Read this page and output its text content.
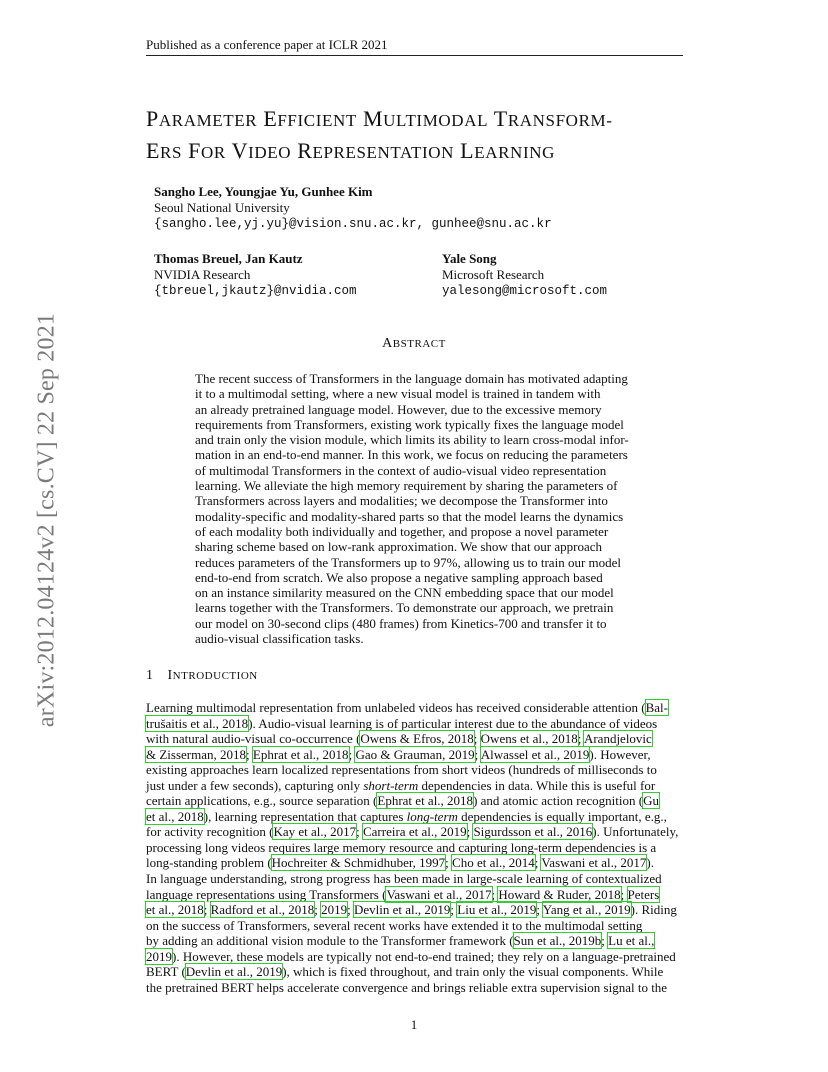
Published as a conference paper at ICLR 2021
arXiv:2012.04124v2 [cs.CV] 22 Sep 2021
PARAMETER EFFICIENT MULTIMODAL TRANSFORM-
ERS FOR VIDEO REPRESENTATION LEARNING
Sangho Lee, Youngjae Yu, Gunhee Kim
Seoul National University
{sangho.lee,yj.yu}@vision.snu.ac.kr, gunhee@snu.ac.kr
Thomas Breuel, Jan Kautz
NVIDIA Research
{tbreuel,jkautz}@nvidia.com
Yale Song
Microsoft Research
yalesong@microsoft.com
ABSTRACT
The recent success of Transformers in the language domain has motivated adapting
it to a multimodal setting, where a new visual model is trained in tandem with
an already pretrained language model. However, due to the excessive memory
requirements from Transformers, existing work typically fixes the language model
and train only the vision module, which limits its ability to learn cross-modal infor-
mation in an end-to-end manner. In this work, we focus on reducing the parameters
of multimodal Transformers in the context of audio-visual video representation
learning. We alleviate the high memory requirement by sharing the parameters of
Transformers across layers and modalities; we decompose the Transformer into
modality-specific and modality-shared parts so that the model learns the dynamics
of each modality both individually and together, and propose a novel parameter
sharing scheme based on low-rank approximation. We show that our approach
reduces parameters of the Transformers up to 97%, allowing us to train our model
end-to-end from scratch. We also propose a negative sampling approach based
on an instance similarity measured on the CNN embedding space that our model
learns together with the Transformers. To demonstrate our approach, we pretrain
our model on 30-second clips (480 frames) from Kinetics-700 and transfer it to
audio-visual classification tasks.
1 INTRODUCTION
Learning multimodal representation from unlabeled videos has received considerable attention (Bal-
trušaitis et al., 2018). Audio-visual learning is of particular interest due to the abundance of videos
with natural audio-visual co-occurrence (Owens & Efros, 2018; Owens et al., 2018; Arandjelovic
& Zisserman, 2018; Ephrat et al., 2018; Gao & Grauman, 2019; Alwassel et al., 2019). However,
existing approaches learn localized representations from short videos (hundreds of milliseconds to
just under a few seconds), capturing only short-term dependencies in data. While this is useful for
certain applications, e.g., source separation (Ephrat et al., 2018) and atomic action recognition (Gu
et al., 2018), learning representation that captures long-term dependencies is equally important, e.g.,
for activity recognition (Kay et al., 2017; Carreira et al., 2019; Sigurdsson et al., 2016). Unfortunately,
processing long videos requires large memory resource and capturing long-term dependencies is a
long-standing problem (Hochreiter & Schmidhuber, 1997; Cho et al., 2014; Vaswani et al., 2017).
In language understanding, strong progress has been made in large-scale learning of contextualized
language representations using Transformers (Vaswani et al., 2017; Howard & Ruder, 2018; Peters
et al., 2018; Radford et al., 2018; 2019; Devlin et al., 2019; Liu et al., 2019; Yang et al., 2019). Riding
on the success of Transformers, several recent works have extended it to the multimodal setting
by adding an additional vision module to the Transformer framework (Sun et al., 2019b; Lu et al.,
2019). However, these models are typically not end-to-end trained; they rely on a language-pretrained
BERT (Devlin et al., 2019), which is fixed throughout, and train only the visual components. While
the pretrained BERT helps accelerate convergence and brings reliable extra supervision signal to the
1
